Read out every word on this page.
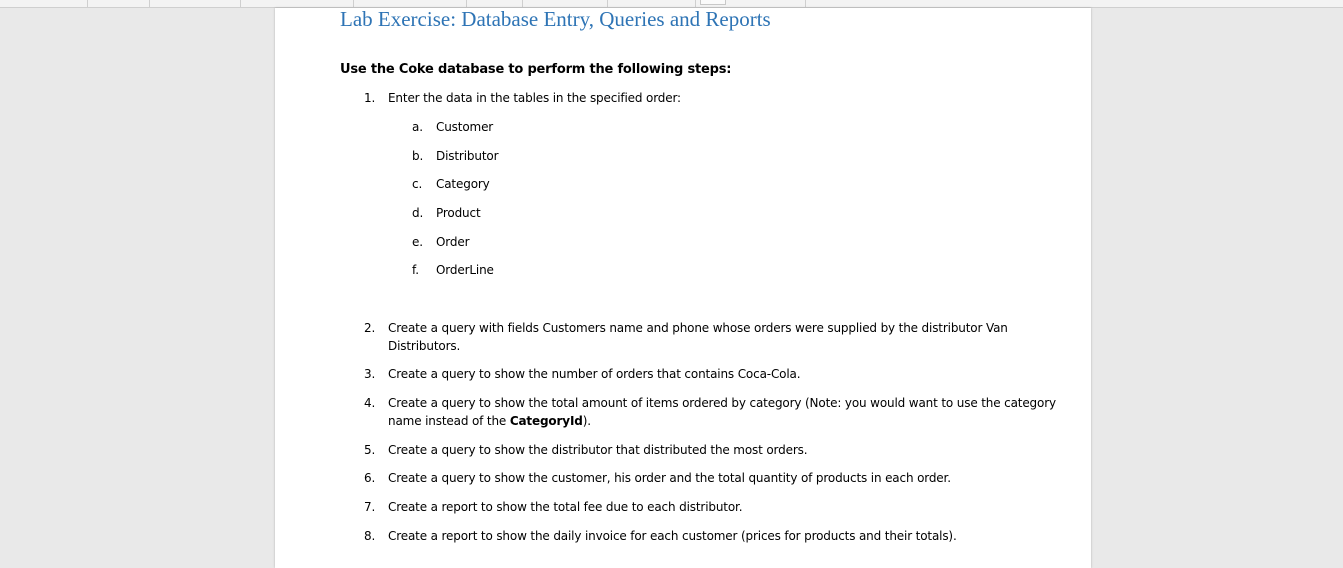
Lab Exercise: Database Entry, Queries and Reports

Use the Coke database to perform the following steps:

1.	Enter the data in the tables in the specified order:
a.	Customer
b.	Distributor
c.	Category
d.	Product
e.	Order
f.	OrderLine
2.	Create a query with fields Customers name and phone whose orders were supplied by the distributor Van
Distributors.
3.	Create a query to show the number of orders that contains Coca-Cola.
4.	Create a query to show the total amount of items ordered by category (Note: you would want to use the category
name instead of the CategoryId).
5.	Create a query to show the distributor that distributed the most orders.
6.	Create a query to show the customer, his order and the total quantity of products in each order.
7.	Create a report to show the total fee due to each distributor.
8.	Create a report to show the daily invoice for each customer (prices for products and their totals).
